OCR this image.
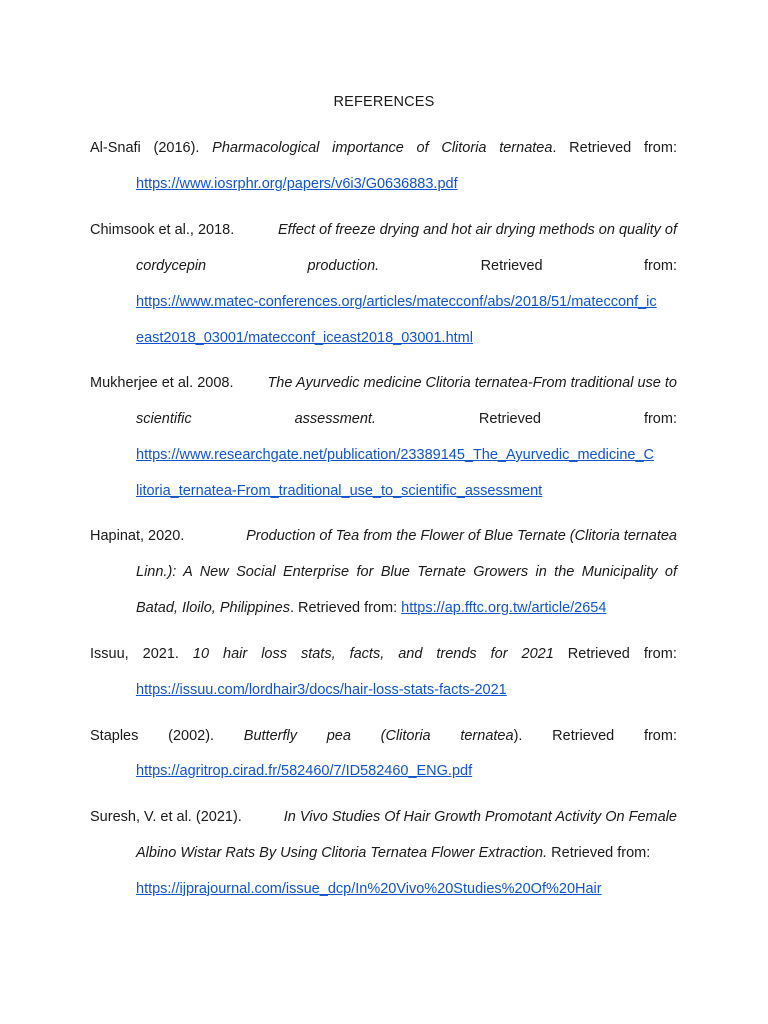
REFERENCES
Al-Snafi (2016). Pharmacological importance of Clitoria ternatea. Retrieved from:
https://www.iosrphr.org/papers/v6i3/G0636883.pdf
Chimsook et al., 2018.	Effect of freeze drying and hot air drying methods on quality of
cordycepin	production.	Retrieved	from:
https://www.matec-conferences.org/articles/matecconf/abs/2018/51/matecconf_ic
east2018_03001/matecconf_iceast2018_03001.html
Mukherjee et al. 2008. The Ayurvedic medicine Clitoria ternatea-From traditional use to
scientific	assessment.	Retrieved	from:
https://www.researchgate.net/publication/23389145_The_Ayurvedic_medicine_C
litoria_ternatea-From_traditional_use_to_scientific_assessment
Hapinat, 2020.	Production of Tea from the Flower of Blue Ternate (Clitoria ternatea
Linn.): A New Social Enterprise for Blue Ternate Growers in the Municipality of
Batad, Iloilo, Philippines. Retrieved from: https://ap.fftc.org.tw/article/2654
Issuu, 2021. 10 hair loss stats, facts, and trends for 2021 Retrieved from:
https://issuu.com/lordhair3/docs/hair-loss-stats-facts-2021
Staples (2002). Butterfly pea (Clitoria ternatea). Retrieved from:
https://agritrop.cirad.fr/582460/7/ID582460_ENG.pdf
Suresh, V. et al. (2021).	In Vivo Studies Of Hair Growth Promotant Activity On Female
Albino Wistar Rats By Using Clitoria Ternatea Flower Extraction. Retrieved from:
https://ijprajournal.com/issue_dcp/In%20Vivo%20Studies%20Of%20Hair
